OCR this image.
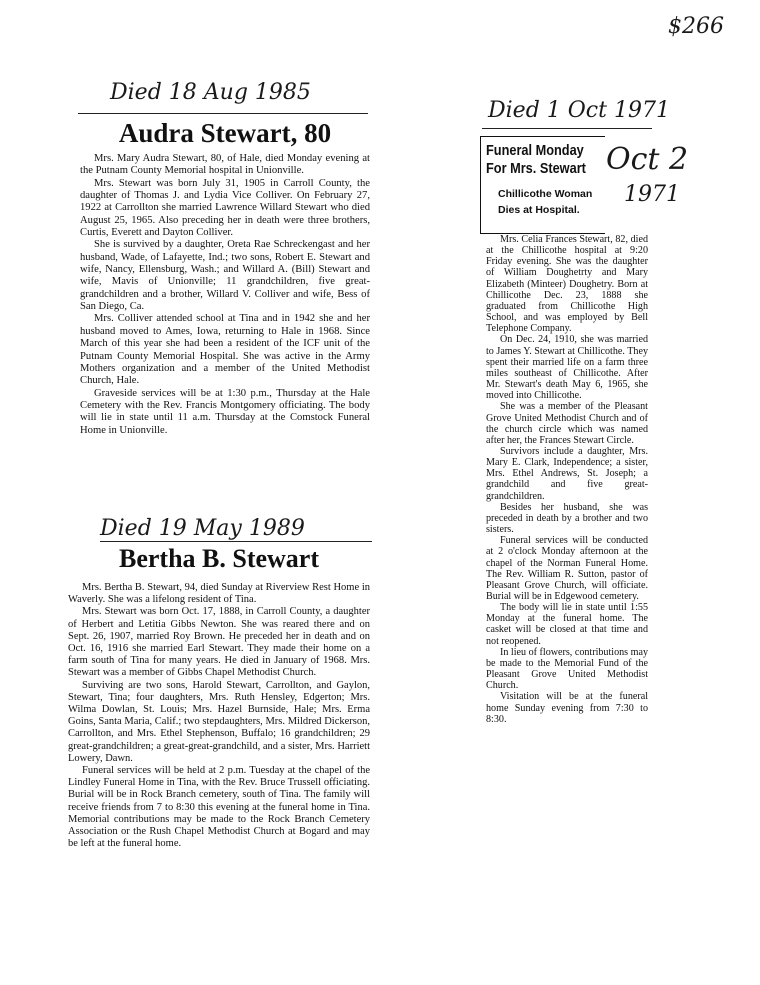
$266
Died 18 Aug 1985
Audra Stewart, 80

Mrs. Mary Audra Stewart, 80, of Hale, died Monday evening at the Putnam County Memorial hospital in Unionville.

Mrs. Stewart was born July 31, 1905 in Carroll County, the daughter of Thomas J. and Lydia Vice Colliver. On February 27, 1922 at Carrollton she married Lawrence Willard Stewart who died August 25, 1965. Also preceding her in death were three brothers, Curtis, Everett and Dayton Colliver.

She is survived by a daughter, Oreta Rae Schreckengast and her husband, Wade, of Lafayette, Ind.; two sons, Robert E. Stewart and wife, Nancy, Ellensburg, Wash.; and Willard A. (Bill) Stewart and wife, Mavis of Unionville; 11 grandchildren, five great-grandchildren and a brother, Willard V. Colliver and wife, Bess of San Diego, Ca.

Mrs. Colliver attended school at Tina and in 1942 she and her husband moved to Ames, Iowa, returning to Hale in 1968. Since March of this year she had been a resident of the ICF unit of the Putnam County Memorial Hospital. She was active in the Army Mothers organization and a member of the United Methodist Church, Hale.

Graveside services will be at 1:30 p.m., Thursday at the Hale Cemetery with the Rev. Francis Montgomery officiating. The body will lie in state until 11 a.m. Thursday at the Comstock Funeral Home in Unionville.

Died 19 May 1989
Bertha B. Stewart

Mrs. Bertha B. Stewart, 94, died Sunday at Riverview Rest Home in Waverly. She was a lifelong resident of Tina.

Mrs. Stewart was born Oct. 17, 1888, in Carroll County, a daughter of Herbert and Letitia Gibbs Newton. She was reared there and on Sept. 26, 1907, married Roy Brown. He preceded her in death and on Oct. 16, 1916 she married Earl Stewart. They made their home on a farm south of Tina for many years. He died in January of 1968. Mrs. Stewart was a member of Gibbs Chapel Methodist Church.

Surviving are two sons, Harold Stewart, Carrollton, and Gaylon, Stewart, Tina; four daughters, Mrs. Ruth Hensley, Edgerton; Mrs. Wilma Dowlan, St. Louis; Mrs. Hazel Burnside, Hale; Mrs. Erma Goins, Santa Maria, Calif.; two stepdaughters, Mrs. Mildred Dickerson, Carrollton, and Mrs. Ethel Stephenson, Buffalo; 16 grandchildren; 29 great-grandchildren; a great-great-grandchild, and a sister, Mrs. Harriett Lowery, Dawn.

Funeral services will be held at 2 p.m. Tuesday at the chapel of the Lindley Funeral Home in Tina, with the Rev. Bruce Trussell officiating. Burial will be in Rock Branch cemetery, south of Tina. The family will receive friends from 7 to 8:30 this evening at the funeral home in Tina. Memorial contributions may be made to the Rock Branch Cemetery Association or the Rush Chapel Methodist Church at Bogard and may be left at the funeral home.

Died 1 Oct 1971
Oct 2
1971
Funeral Monday
For Mrs. Stewart
Chillicothe Woman
Dies at Hospital.

Mrs. Celia Frances Stewart, 82, died at the Chillicothe hospital at 9:20 Friday evening. She was the daughter of William Doughetrty and Mary Elizabeth (Minteer) Doughetry. Born at Chillicothe Dec. 23, 1888 she graduated from Chillicothe High School, and was employed by Bell Telephone Company.

On Dec. 24, 1910, she was married to James Y. Stewart at Chillicothe. They spent their married life on a farm three miles southeast of Chillicothe. After Mr. Stewart's death May 6, 1965, she moved into Chillicothe.

She was a member of the Pleasant Grove United Methodist Church and of the church circle which was named after her, the Frances Stewart Circle.

Survivors include a daughter, Mrs. Mary E. Clark, Independence; a sister, Mrs. Ethel Andrews, St. Joseph; a grandchild and five great-grandchildren.

Besides her husband, she was preceded in death by a brother and two sisters.

Funeral services will be conducted at 2 o'clock Monday afternoon at the chapel of the Norman Funeral Home. The Rev. William R. Sutton, pastor of Pleasant Grove Church, will officiate. Burial will be in Edgewood cemetery.

The body will lie in state until 1:55 Monday at the funeral home. The casket will be closed at that time and not reopened.

In lieu of flowers, contributions may be made to the Memorial Fund of the Pleasant Grove United Methodist Church.

Visitation will be at the funeral home Sunday evening from 7:30 to 8:30.
